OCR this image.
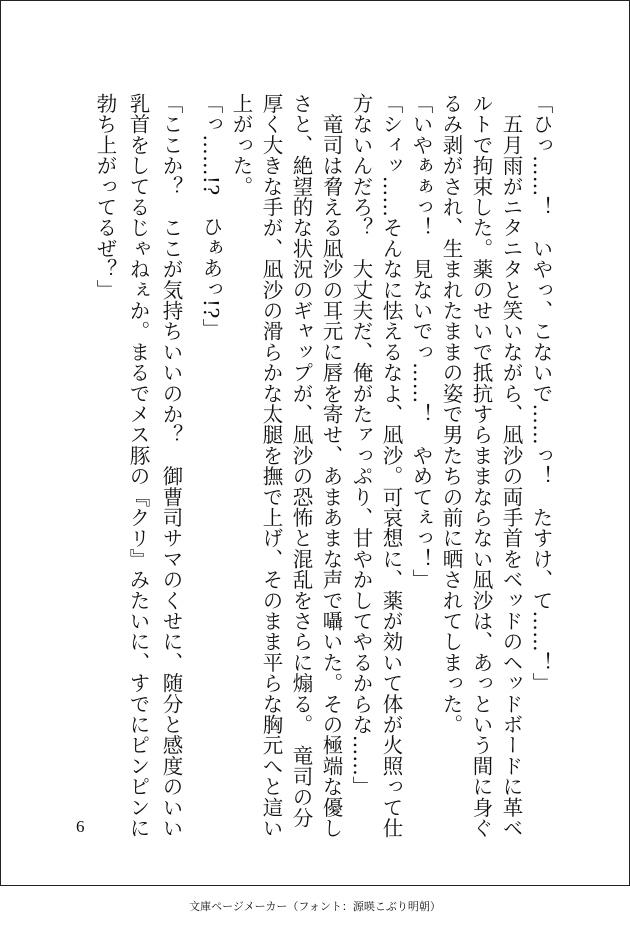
「ひっ……！　いやっ、こないで……っ！　たすけ、て……！」
　五月雨がニタニタと笑いながら、凪沙の両手首をベッドのヘッドボードに革ベ
ルトで拘束した。薬のせいで抵抗すらままならない凪沙は、あっという間に身ぐ
るみ剥がされ、生まれたままの姿で男たちの前に晒されてしまった。
「いやぁぁっ！　見ないでっ……！　やめてぇっ！」
「シィッ……そんなに怯えるなよ、凪沙。可哀想に、薬が効いて体が火照って仕
方ないんだろ？　大丈夫だ、俺がたァっぷり、甘やかしてやるからな……」
　竜司は脅える凪沙の耳元に唇を寄せ、あまあまな声で囁いた。その極端な優し
さと、絶望的な状況のギャップが、凪沙の恐怖と混乱をさらに煽る。　竜司の分
厚く大きな手が、凪沙の滑らかな太腿を撫で上げ、そのまま平らな胸元へと這い
上がった。
「っ……!?　ひぁあっ!?」
「ここか？　ここが気持ちいいのか？　御曹司サマのくせに、随分と感度のいい
乳首をしてるじゃねぇか。まるでメス豚の『クリ』みたいに、すでにピンピンに
勃ち上がってるぜ？」
6
文庫ページメーカー（フォント：源暎こぶり明朝）
